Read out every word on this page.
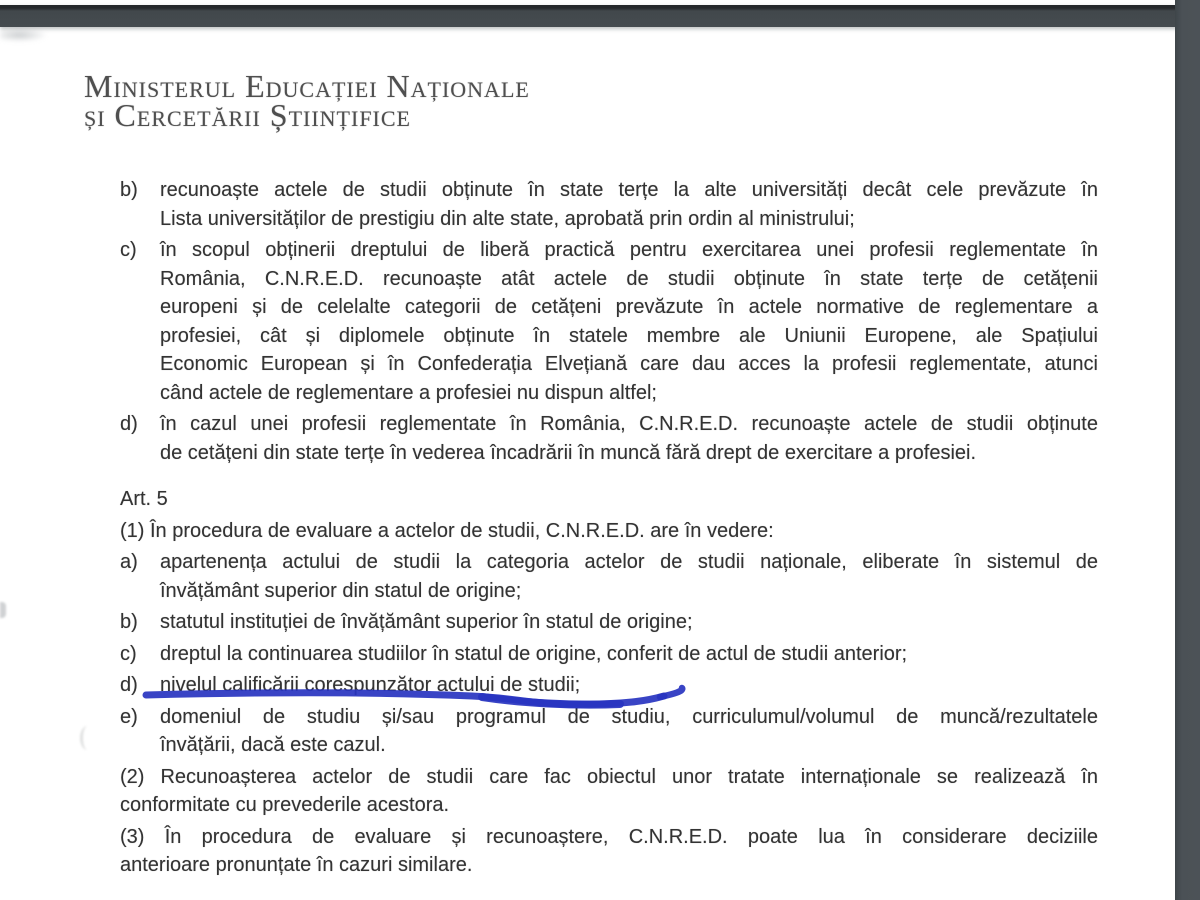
Ministerul Educației Naționale
și Cercetării Științifice
b)	recunoaște actele de studii obținute în state terțe la alte universități decât cele prevăzute în
Lista universităților de prestigiu din alte state, aprobată prin ordin al ministrului;
c)	în scopul obținerii dreptului de liberă practică pentru exercitarea unei profesii reglementate în
România, C.N.R.E.D. recunoaște atât actele de studii obținute în state terțe de cetățenii
europeni și de celelalte categorii de cetățeni prevăzute în actele normative de reglementare a
profesiei, cât și diplomele obținute în statele membre ale Uniunii Europene, ale Spațiului
Economic European și în Confederația Elvețiană care dau acces la profesii reglementate, atunci
când actele de reglementare a profesiei nu dispun altfel;
d)	în cazul unei profesii reglementate în România, C.N.R.E.D. recunoaște actele de studii obținute
de cetățeni din state terțe în vederea încadrării în muncă fără drept de exercitare a profesiei.
Art. 5
(1) În procedura de evaluare a actelor de studii, C.N.R.E.D. are în vedere:
a)	apartenența actului de studii la categoria actelor de studii naționale, eliberate în sistemul de
învățământ superior din statul de origine;
b)	statutul instituției de învățământ superior în statul de origine;
c)	dreptul la continuarea studiilor în statul de origine, conferit de actul de studii anterior;
d)	nivelul calificării corespunzător actului de studii;
e)	domeniul de studiu și/sau programul de studiu, curriculumul/volumul de muncă/rezultatele
învățării, dacă este cazul.
(2) Recunoașterea actelor de studii care fac obiectul unor tratate internaționale se realizează în
conformitate cu prevederile acestora.
(3) În procedura de evaluare și recunoaștere, C.N.R.E.D. poate lua în considerare deciziile
anterioare pronunțate în cazuri similare.
